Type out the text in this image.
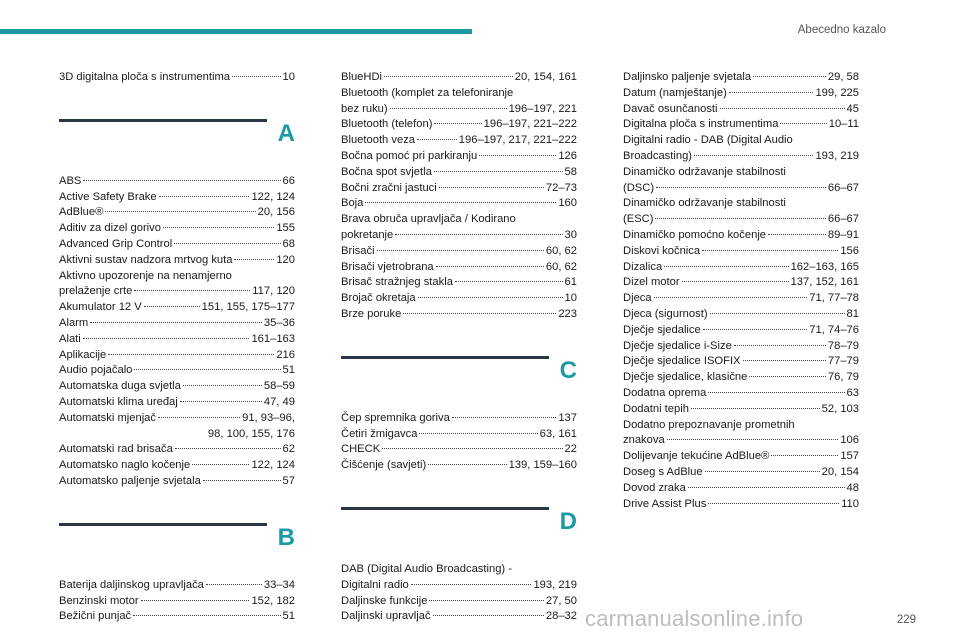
Abecedno kazalo
3D digitalna ploča s instrumentima	10
A
ABS	66
Active Safety Brake	122, 124
AdBlue®	20, 156
Aditiv za dizel gorivo	155
Advanced Grip Control	68
Aktivni sustav nadzora mrtvog kuta	120
Aktivno upozorenje na nenamjerno
prelaženje crte	117, 120
Akumulator 12 V	151, 155, 175–177
Alarm	35–36
Alati	161–163
Aplikacije	216
Audio pojačalo	51
Automatska duga svjetla	58–59
Automatski klima uređaj	47, 49
Automatski mjenjač	91, 93–96,
98, 100, 155, 176
Automatski rad brisača	62
Automatsko naglo kočenje	122, 124
Automatsko paljenje svjetala	57
B
Baterija daljinskog upravljača	33–34
Benzinski motor	152, 182
Bežični punjač	51
BlueHDi	20, 154, 161
Bluetooth (komplet za telefoniranje
bez ruku)	196–197, 221
Bluetooth (telefon)	196–197, 221–222
Bluetooth veza	196–197, 217, 221–222
Bočna pomoć pri parkiranju	126
Bočna spot svjetla	58
Bočni zračni jastuci	72–73
Boja	160
Brava obruča upravljača / Kodirano
pokretanje	30
Brisači	60, 62
Brisači vjetrobrana	60, 62
Brisač stražnjeg stakla	61
Brojač okretaja	10
Brze poruke	223
C
Čep spremnika goriva	137
Četiri žmigavca	63, 161
CHECK	22
Čišćenje (savjeti)	139, 159–160
D
DAB (Digital Audio Broadcasting) -
Digitalni radio	193, 219
Daljinske funkcije	27, 50
Daljinski upravljač	28–32
Daljinsko paljenje svjetala	29, 58
Datum (namještanje)	199, 225
Davač osunčanosti	45
Digitalna ploča s instrumentima	10–11
Digitalni radio - DAB (Digital Audio
Broadcasting)	193, 219
Dinamičko održavanje stabilnosti
(DSC)	66–67
Dinamičko održavanje stabilnosti
(ESC)	66–67
Dinamičko pomoćno kočenje	89–91
Diskovi kočnica	156
Dizalica	162–163, 165
Dizel motor	137, 152, 161
Djeca	71, 77–78
Djeca (sigurnost)	81
Dječje sjedalice	71, 74–76
Dječje sjedalice i-Size	78–79
Dječje sjedalice ISOFIX	77–79
Dječje sjedalice, klasične	76, 79
Dodatna oprema	63
Dodatni tepih	52, 103
Dodatno prepoznavanje prometnih
znakova	106
Dolijevanje tekućine AdBlue®	157
Doseg s AdBlue	20, 154
Dovod zraka	48
Drive Assist Plus	110
carmanualsonline.info	229
